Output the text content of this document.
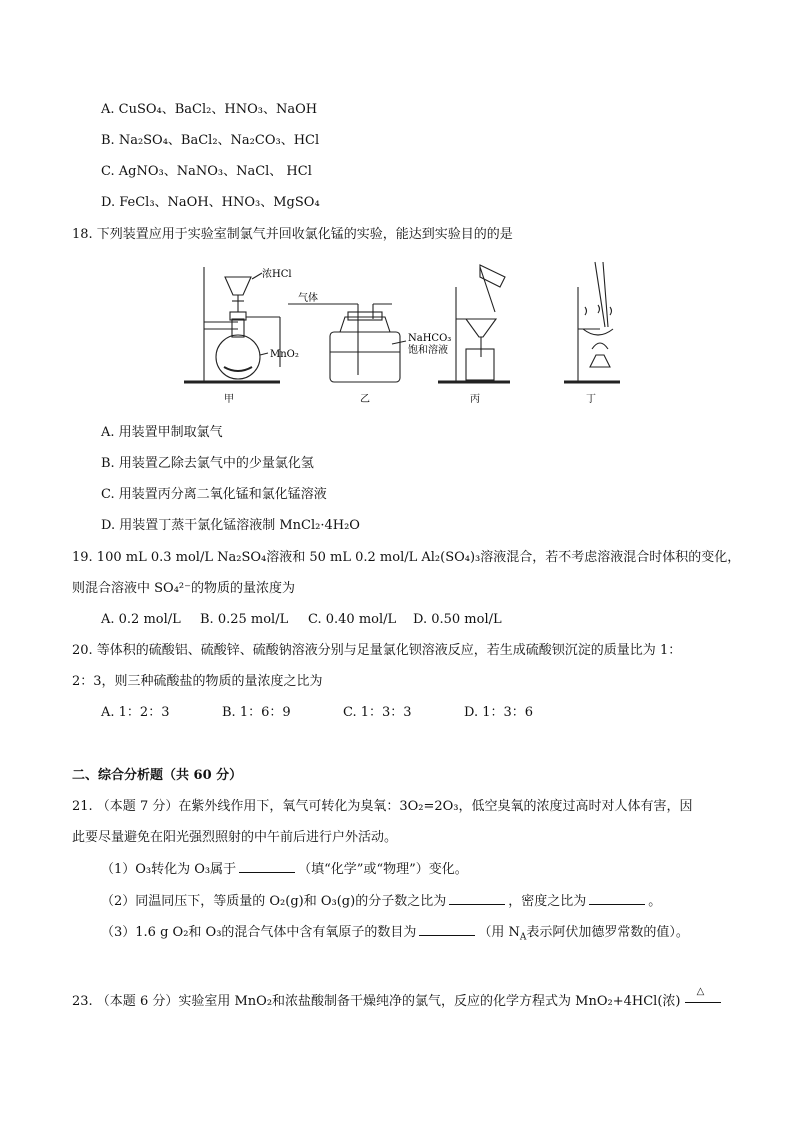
A. CuSO₄、BaCl₂、HNO₃、NaOH
B. Na₂SO₄、BaCl₂、Na₂CO₃、HCl
C. AgNO₃、NaNO₃、NaCl、 HCl
D. FeCl₃、NaOH、HNO₃、MgSO₄
18. 下列装置应用于实验室制氯气并回收氯化锰的实验，能达到实验目的的是
浓HCl
MnO₂
气体
NaHCO₃
饱和溶液
甲	乙	丙	丁
A. 用装置甲制取氯气
B. 用装置乙除去氯气中的少量氯化氢
C. 用装置丙分离二氧化锰和氯化锰溶液
D. 用装置丁蒸干氯化锰溶液制 MnCl₂·4H₂O
19. 100 mL 0.3 mol/L Na₂SO₄溶液和 50 mL 0.2 mol/L Al₂(SO₄)₃溶液混合，若不考虑溶液混合时体积的变化，
则混合溶液中 SO₄²⁻的物质的量浓度为
A. 0.2 mol/L B. 0.25 mol/L C. 0.40 mol/L D. 0.50 mol/L
20. 等体积的硫酸铝、硫酸锌、硫酸钠溶液分别与足量氯化钡溶液反应，若生成硫酸钡沉淀的质量比为 1：
2：3，则三种硫酸盐的物质的量浓度之比为
A. 1：2：3	B. 1：6：9	C. 1：3：3	D. 1：3：6
二、综合分析题（共 60 分）
21. （本题 7 分）在紫外线作用下，氧气可转化为臭氧：3O₂=2O₃，低空臭氧的浓度过高时对人体有害，因
此要尽量避免在阳光强烈照射的中午前后进行户外活动。
（1）O₃转化为 O₃属于	（填“化学”或“物理”）变化。
（2）同温同压下，等质量的 O₂(g)和 O₃(g)的分子数之比为	，密度之比为	。
（3）1.6 g O₂和 O₃的混合气体中含有氧原子的数目为	（用 $N_A$表示阿伏加德罗常数的值）。
23. （本题 6 分）实验室用 MnO₂和浓盐酸制备干燥纯净的氯气，反应的化学方程式为 MnO₂+4HCl(浓)
△
